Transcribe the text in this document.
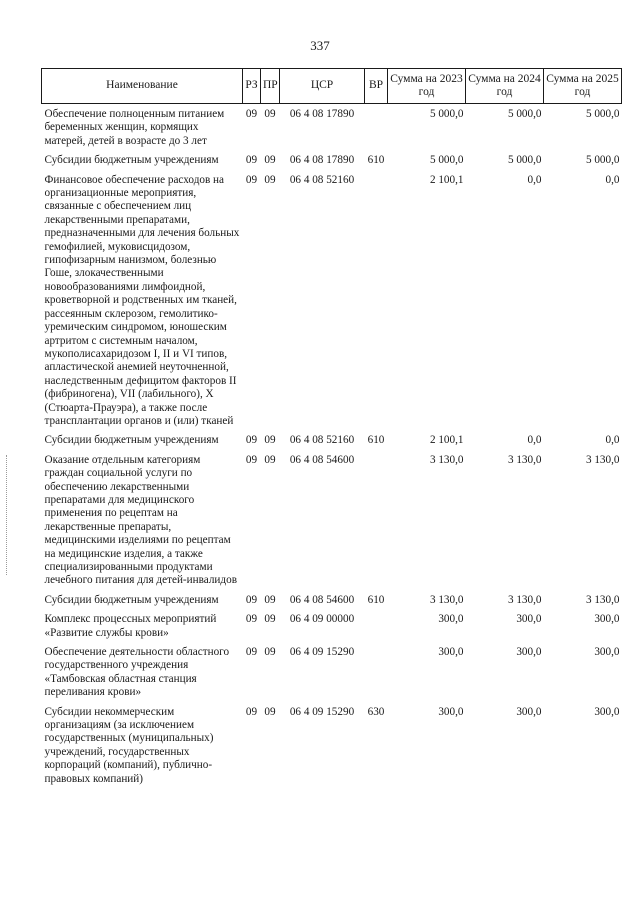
337
Наименование	РЗ	ПР	ЦСР	ВР	Сумма на 2023 год	Сумма на 2024 год	Сумма на 2025 год
Обеспечение полноценным питанием беременных женщин, кормящих матерей, детей в возрасте до 3 лет	09	09	06 4 08 17890		5 000,0	5 000,0	5 000,0
Субсидии бюджетным учреждениям	09	09	06 4 08 17890	610	5 000,0	5 000,0	5 000,0
Финансовое обеспечение расходов на организационные мероприятия, связанные с обеспечением лиц лекарственными препаратами, предназначенными для лечения больных гемофилией, муковисцидозом, гипофизарным нанизмом, болезнью Гоше, злокачественными новообразованиями лимфоидной, кроветворной и родственных им тканей, рассеянным склерозом, гемолитико-уремическим синдромом, юношеским артритом с системным началом, мукополисахаридозом I, II и VI типов, апластической анемией неуточненной, наследственным дефицитом факторов II (фибриногена), VII (лабильного), X (Стюарта-Прауэра), а также после трансплантации органов и (или) тканей	09	09	06 4 08 52160		2 100,1	0,0	0,0
Субсидии бюджетным учреждениям	09	09	06 4 08 52160	610	2 100,1	0,0	0,0
Оказание отдельным категориям граждан социальной услуги по обеспечению лекарственными препаратами для медицинского применения по рецептам на лекарственные препараты, медицинскими изделиями по рецептам на медицинские изделия, а также специализированными продуктами лечебного питания для детей-инвалидов	09	09	06 4 08 54600		3 130,0	3 130,0	3 130,0
Субсидии бюджетным учреждениям	09	09	06 4 08 54600	610	3 130,0	3 130,0	3 130,0
Комплекс процессных мероприятий «Развитие службы крови»	09	09	06 4 09 00000		300,0	300,0	300,0
Обеспечение деятельности областного государственного учреждения «Тамбовская областная станция переливания крови»	09	09	06 4 09 15290		300,0	300,0	300,0
Субсидии некоммерческим организациям (за исключением государственных (муниципальных) учреждений, государственных корпораций (компаний), публично-правовых компаний)	09	09	06 4 09 15290	630	300,0	300,0	300,0
